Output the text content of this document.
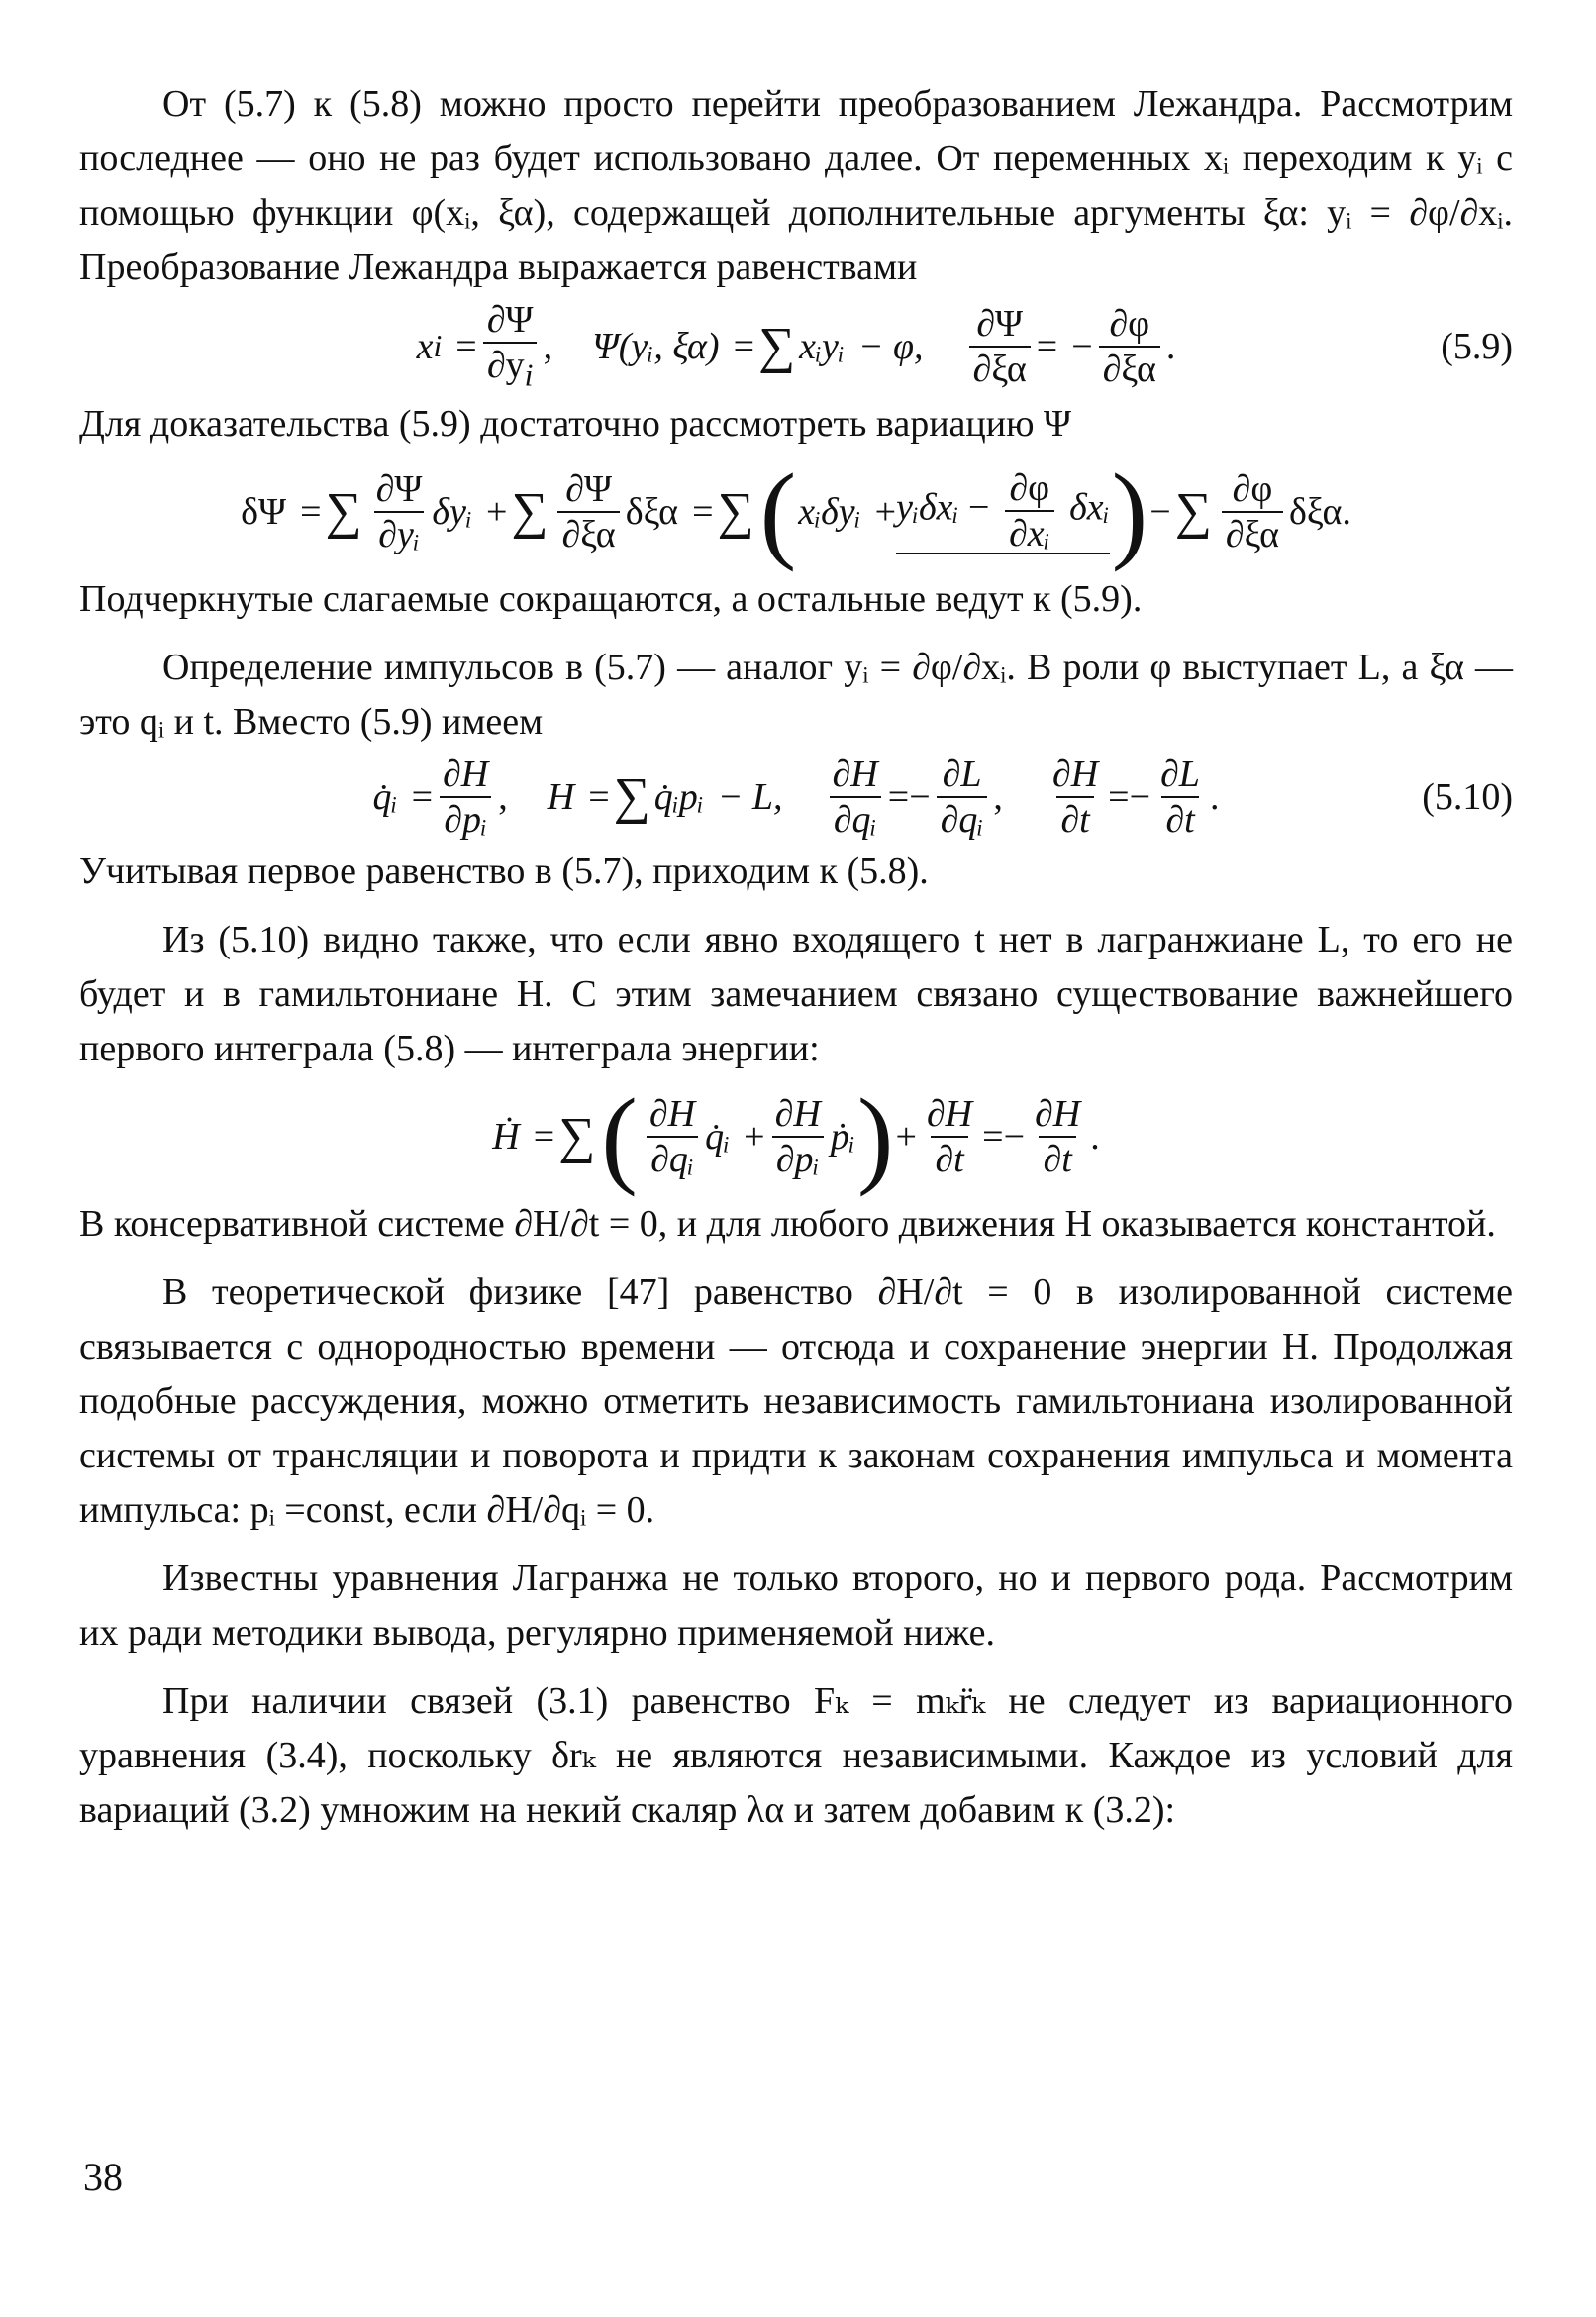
От (5.7) к (5.8) можно просто перейти преобразованием Лежандра. Рассмотрим последнее — оно не раз будет использовано далее. От переменных xᵢ переходим к yᵢ с помощью функции φ(xᵢ, ξα), содержащей дополнительные аргументы ξα: yᵢ = ∂φ/∂xᵢ. Преобразование Лежандра выражается равенствами

x $i = \frac{\partial\Psi}{\partial y_i}$ , Ψ(yᵢ, ξα) = ∑ xᵢyᵢ − φ, $\frac{\partial\Psi}{\partial\xi\alpha}$ = − $\frac{\partial\varphi}{\partial\xi\alpha}$ .	(5.9)

Для доказательства (5.9) достаточно рассмотреть вариацию Ψ

δΨ = ∑ $\frac{\partial\Psi}{\text{∂yᵢ}}$ δyᵢ + ∑ $\frac{\partial\Psi}{\partial\xi\alpha}$ δξα = ∑ ( xᵢδyᵢ + yᵢδxᵢ − $\frac{\partial\varphi}{\text{∂xᵢ}}$ δxᵢ ) − ∑ $\frac{\partial\varphi}{\partial\xi\alpha}$ δξα .

Подчеркнутые слагаемые сокращаются, а остальные ведут к (5.9).

Определение импульсов в (5.7) — аналог yᵢ = ∂φ/∂xᵢ. В роли φ выступает L, а ξα — это qᵢ и t. Вместо (5.9) имеем

q̇ᵢ = $\frac{\partial H}{\text{∂pᵢ}}$ , H = ∑ q̇ᵢpᵢ − L, $\frac{\partial H}{\text{∂qᵢ}}$ = − $\frac{\partial L}{\text{∂qᵢ}}$ , $\frac{\partial H}{\partial t}$ = − $\frac{\partial L}{\partial t}$ .	(5.10)

Учитывая первое равенство в (5.7), приходим к (5.8).

Из (5.10) видно также, что если явно входящего t нет в лагранжиане L, то его не будет и в гамильтониане H. С этим замечанием связано существование важнейшего первого интеграла (5.8) — интеграла энергии:

Ḣ = ∑ ( $\frac{\partial H}{\text{∂qᵢ}}$ q̇ᵢ + $\frac{\partial H}{\text{∂pᵢ}}$ ṗᵢ ) + $\frac{\partial H}{\partial t}$ = − $\frac{\partial H}{\partial t}$ .

В консервативной системе ∂H/∂t = 0, и для любого движения H оказывается константой.

В теоретической физике [47] равенство ∂H/∂t = 0 в изолированной системе связывается с однородностью времени — отсюда и сохранение энергии H. Продолжая подобные рассуждения, можно отметить независимость гамильтониана изолированной системы от трансляции и поворота и придти к законам сохранения импульса и момента импульса: pᵢ =const, если ∂H/∂qᵢ = 0.

Известны уравнения Лагранжа не только второго, но и первого рода. Рассмотрим их ради методики вывода, регулярно применяемой ниже.

При наличии связей (3.1) равенство Fₖ = mₖr̈ₖ не следует из вариационного уравнения (3.4), поскольку δrₖ не являются независимыми. Каждое из условий для вариаций (3.2) умножим на некий скаляр λα и затем добавим к (3.2):

38
